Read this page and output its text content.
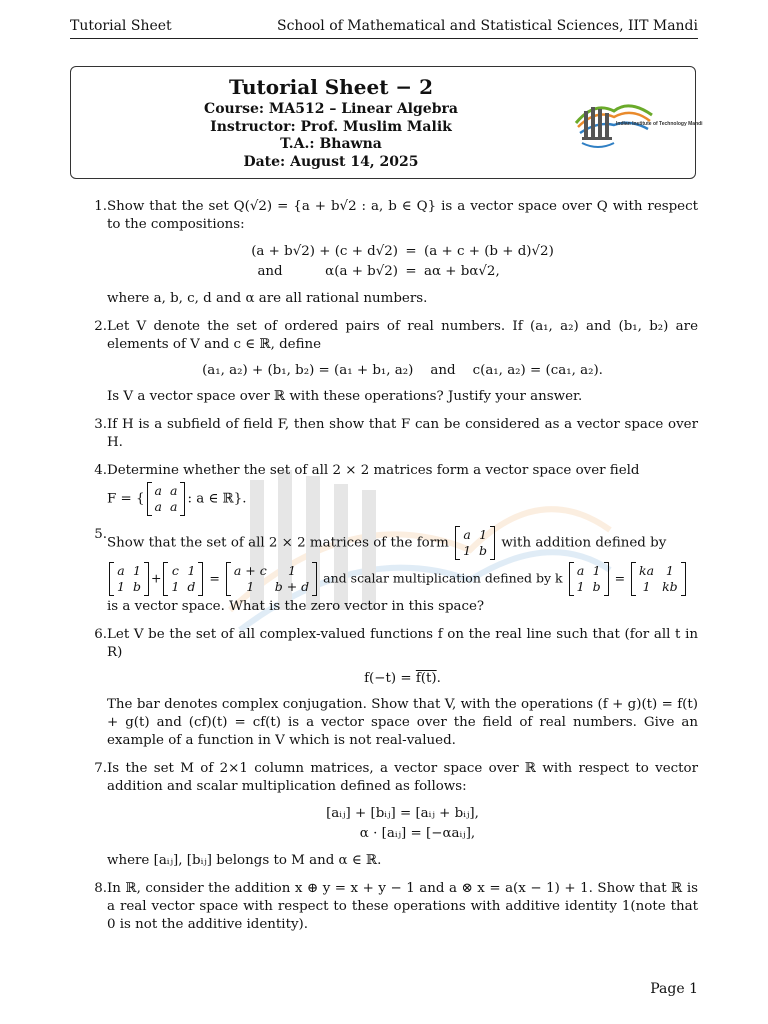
Tutorial Sheet	School of Mathematical and Statistical Sciences, IIT Mandi
Tutorial Sheet − 2
Course: MA512 – Linear Algebra
Instructor: Prof. Muslim Malik
T.A.: Bhawna
Date: August 14, 2025
Indian Institute of Technology Mandi
1. Show that the set Q(√2) = {a + b√2 : a, b ∈ Q} is a vector space over Q with respect to the compositions:

(a + b√2) + (c + d√2) = (a + c + (b + d)√2)
and          α(a + b√2) = aα + bα√2,

where a, b, c, d and α are all rational numbers.

2. Let V denote the set of ordered pairs of real numbers. If (a₁, a₂) and (b₁, b₂) are elements of V and c ∈ ℝ, define

(a₁, a₂) + (b₁, b₂) = (a₁ + b₁, a₂)    and    c(a₁, a₂) = (ca₁, a₂).

Is V a vector space over ℝ with these operations? Justify your answer.

3. If H is a subfield of field F, then show that F can be considered as a vector space over H.

4. Determine whether the set of all 2 × 2 matrices form a vector space over field

F = {
a a
a a : a ∈ ℝ}.

5.

Show that the set of all 2 × 2 matrices of the form
a 1
1 b with addition defined by

a 1
1 b
+ c 1
1 d
= a + c	1
1	b + d
and scalar multiplication defined by k a 1
1 b
= ka 1
1 kb

is a vector space. What is the zero vector in this space?

6. Let V be the set of all complex-valued functions f on the real line such that (for all t in R)

f(−t) = f(t).

The bar denotes complex conjugation. Show that V, with the operations (f + g)(t) = f(t) + g(t) and (cf)(t) = cf(t) is a vector space over the field of real numbers. Give an example of a function in V which is not real-valued.

7. Is the set M of 2×1 column matrices, a vector space over ℝ with respect to vector addition and scalar multiplication defined as follows:

[aᵢⱼ] + [bᵢⱼ] = [aᵢⱼ + bᵢⱼ],
α · [aᵢⱼ] = [−αaᵢⱼ],

where [aᵢⱼ], [bᵢⱼ] belongs to M and α ∈ ℝ.

8. In ℝ, consider the addition x ⊕ y = x + y − 1 and a ⊗ x = a(x − 1) + 1. Show that ℝ is a real vector space with respect to these operations with additive identity 1(note that 0 is not the additive identity).

Page 1
